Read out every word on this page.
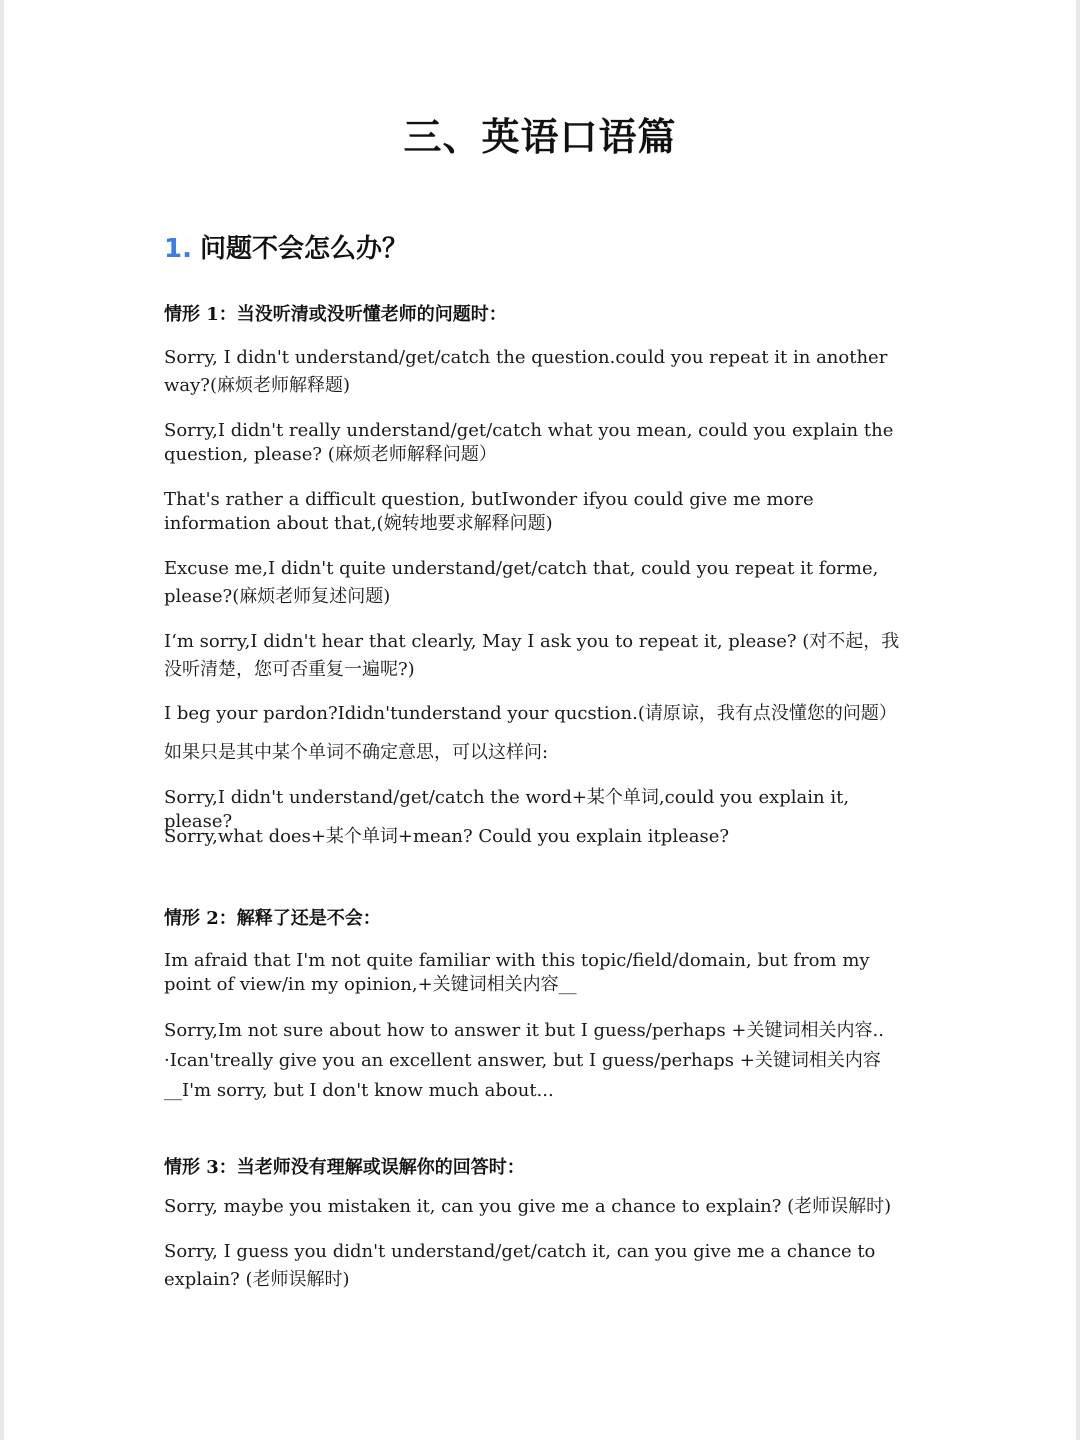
三、英语口语篇
1. 问题不会怎么办？
情形 1：当没听清或没听懂老师的问题时：

Sorry, I didn't understand/get/catch the question.could you repeat it in another way?(麻烦老师解释题)

Sorry,I didn't really understand/get/catch what you mean, could you explain the question, please? (麻烦老师解释问题）

That's rather a difficult question, butIwonder ifyou could give me more information about that,(婉转地要求解释问题)

Excuse me,I didn't quite understand/get/catch that, could you repeat it forme, please?(麻烦老师复述问题)

I‘m sorry,I didn't hear that clearly, May I ask you to repeat it, please? (对不起，我没听清楚，您可否重复一遍呢?)

I beg your pardon?Ididn'tunderstand your qucstion.(请原谅，我有点没懂您的问题）

如果只是其中某个单词不确定意思，可以这样问:

Sorry,I didn't understand/get/catch the word+某个单词,could you explain it, please?

Sorry,what does+某个单词+mean? Could you explain itplease?

情形 2：解释了还是不会：

Im afraid that I'm not quite familiar with this topic/field/domain, but from my point of view/in my opinion,+关键词相关内容__

Sorry,Im not sure about how to answer it but I guess/perhaps +关键词相关内容.. ·Ican'treally give you an excellent answer, but I guess/perhaps +关键词相关内容__I'm sorry, but I don't know much about...

情形 3：当老师没有理解或误解你的回答时：

Sorry, maybe you mistaken it, can you give me a chance to explain? (老师误解时)

Sorry, I guess you didn't understand/get/catch it, can you give me a chance to explain? (老师误解时)
